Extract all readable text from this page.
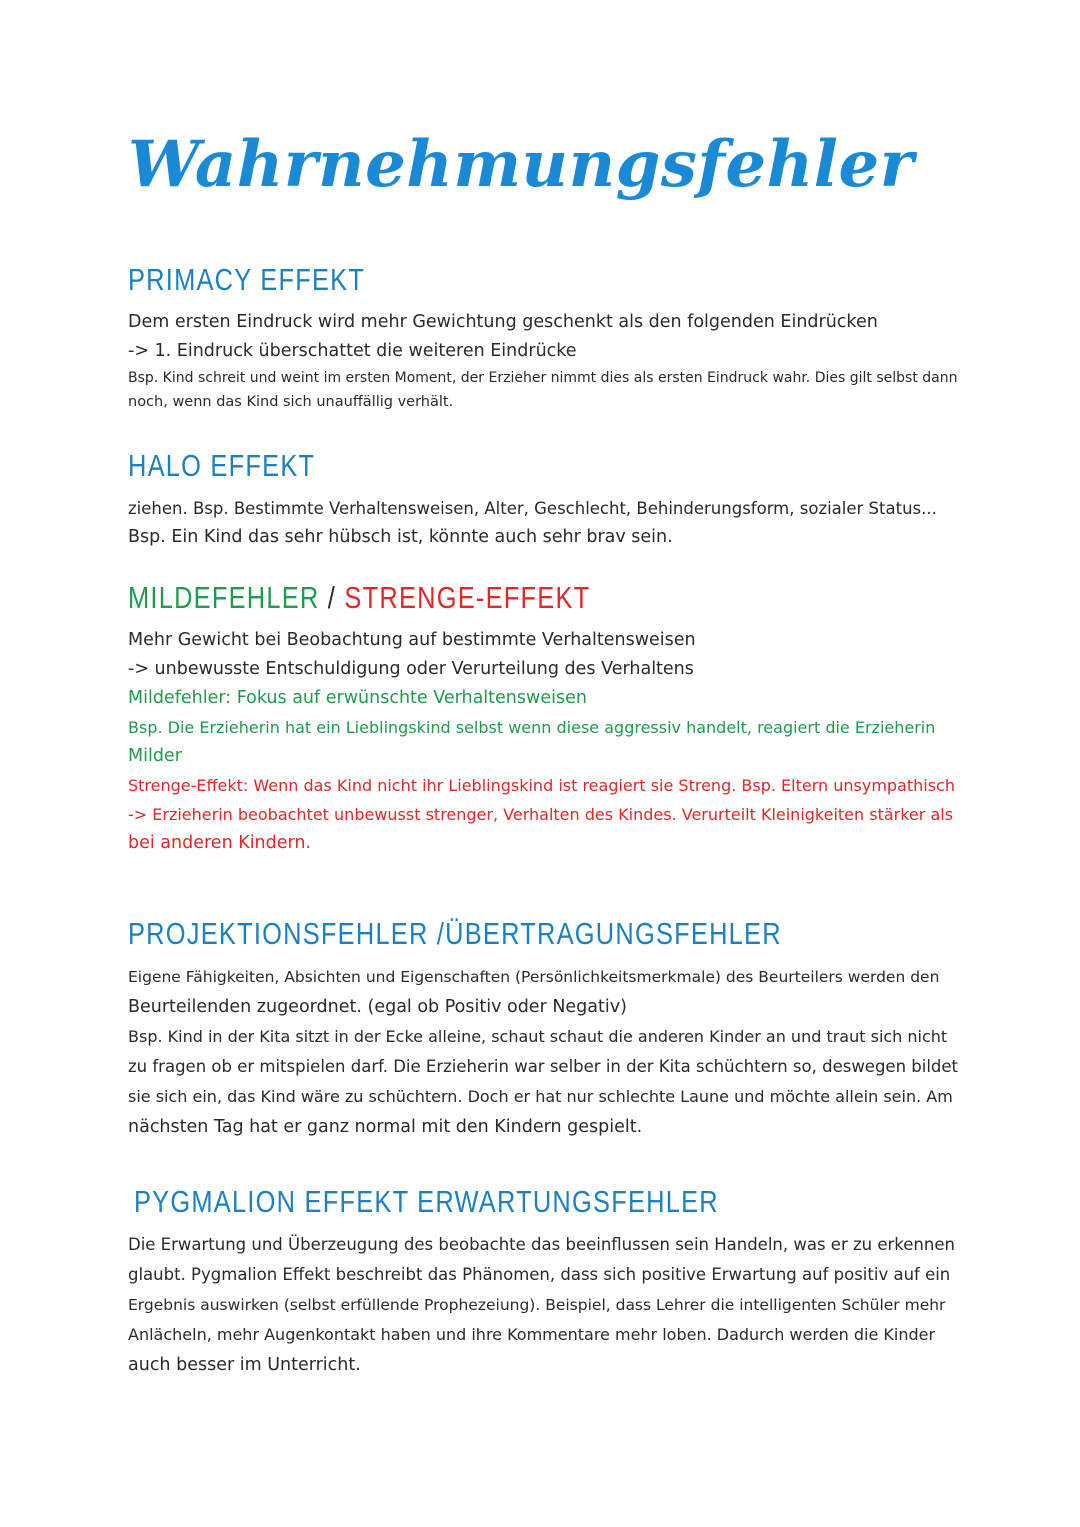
Wahrnehmungsfehler
PRIMACY EFFEKT

Dem ersten Eindruck wird mehr Gewichtung geschenkt als den folgenden Eindrücken

-> 1. Eindruck überschattet die weiteren Eindrücke

Bsp. Kind schreit und weint im ersten Moment, der Erzieher nimmt dies als ersten Eindruck wahr. Dies gilt selbst dann

noch, wenn das Kind sich unauffällig verhält.

HALO EFFEKT

ziehen. Bsp. Bestimmte Verhaltensweisen, Alter, Geschlecht, Behinderungsform, sozialer Status...

Bsp. Ein Kind das sehr hübsch ist, könnte auch sehr brav sein.

MILDEFEHLER / STRENGE-EFFEKT

Mehr Gewicht bei Beobachtung auf bestimmte Verhaltensweisen

-> unbewusste Entschuldigung oder Verurteilung des Verhaltens

Mildefehler: Fokus auf erwünschte Verhaltensweisen

Bsp. Die Erzieherin hat ein Lieblingskind selbst wenn diese aggressiv handelt, reagiert die Erzieherin

Milder

Strenge-Effekt: Wenn das Kind nicht ihr Lieblingskind ist reagiert sie Streng. Bsp. Eltern unsympathisch

-> Erzieherin beobachtet unbewusst strenger, Verhalten des Kindes. Verurteilt Kleinigkeiten stärker als

bei anderen Kindern.

PROJEKTIONSFEHLER /ÜBERTRAGUNGSFEHLER

Eigene Fähigkeiten, Absichten und Eigenschaften (Persönlichkeitsmerkmale) des Beurteilers werden den

Beurteilenden zugeordnet. (egal ob Positiv oder Negativ)

Bsp. Kind in der Kita sitzt in der Ecke alleine, schaut schaut die anderen Kinder an und traut sich nicht

zu fragen ob er mitspielen darf. Die Erzieherin war selber in der Kita schüchtern so, deswegen bildet

sie sich ein, das Kind wäre zu schüchtern. Doch er hat nur schlechte Laune und möchte allein sein. Am

nächsten Tag hat er ganz normal mit den Kindern gespielt.

PYGMALION EFFEKT ERWARTUNGSFEHLER

Die Erwartung und Überzeugung des beobachte das beeinflussen sein Handeln, was er zu erkennen

glaubt. Pygmalion Effekt beschreibt das Phänomen, dass sich positive Erwartung auf positiv auf ein

Ergebnis auswirken (selbst erfüllende Prophezeiung). Beispiel, dass Lehrer die intelligenten Schüler mehr

Anlächeln, mehr Augenkontakt haben und ihre Kommentare mehr loben. Dadurch werden die Kinder

auch besser im Unterricht.
